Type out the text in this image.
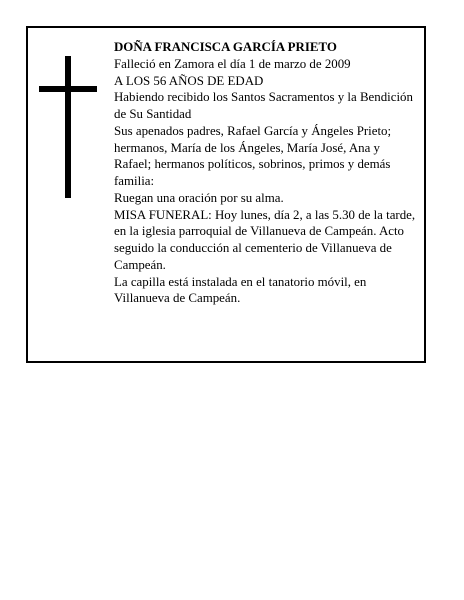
DOÑA FRANCISCA GARCÍA PRIETO

Falleció en Zamora el día 1 de marzo de 2009

A LOS 56 AÑOS DE EDAD

Habiendo recibido los Santos Sacramentos y la Bendición de Su Santidad

Sus apenados padres, Rafael García y Ángeles Prieto; hermanos, María de los Ángeles, María José, Ana y Rafael; hermanos políticos, sobrinos, primos y demás familia:

Ruegan una oración por su alma.

MISA FUNERAL: Hoy lunes, día 2, a las 5.30 de la tarde, en la iglesia parroquial de Villanueva de Campeán. Acto seguido la conducción al cementerio de Villanueva de Campeán.

La capilla está instalada en el tanatorio móvil, en Villanueva de Campeán.
